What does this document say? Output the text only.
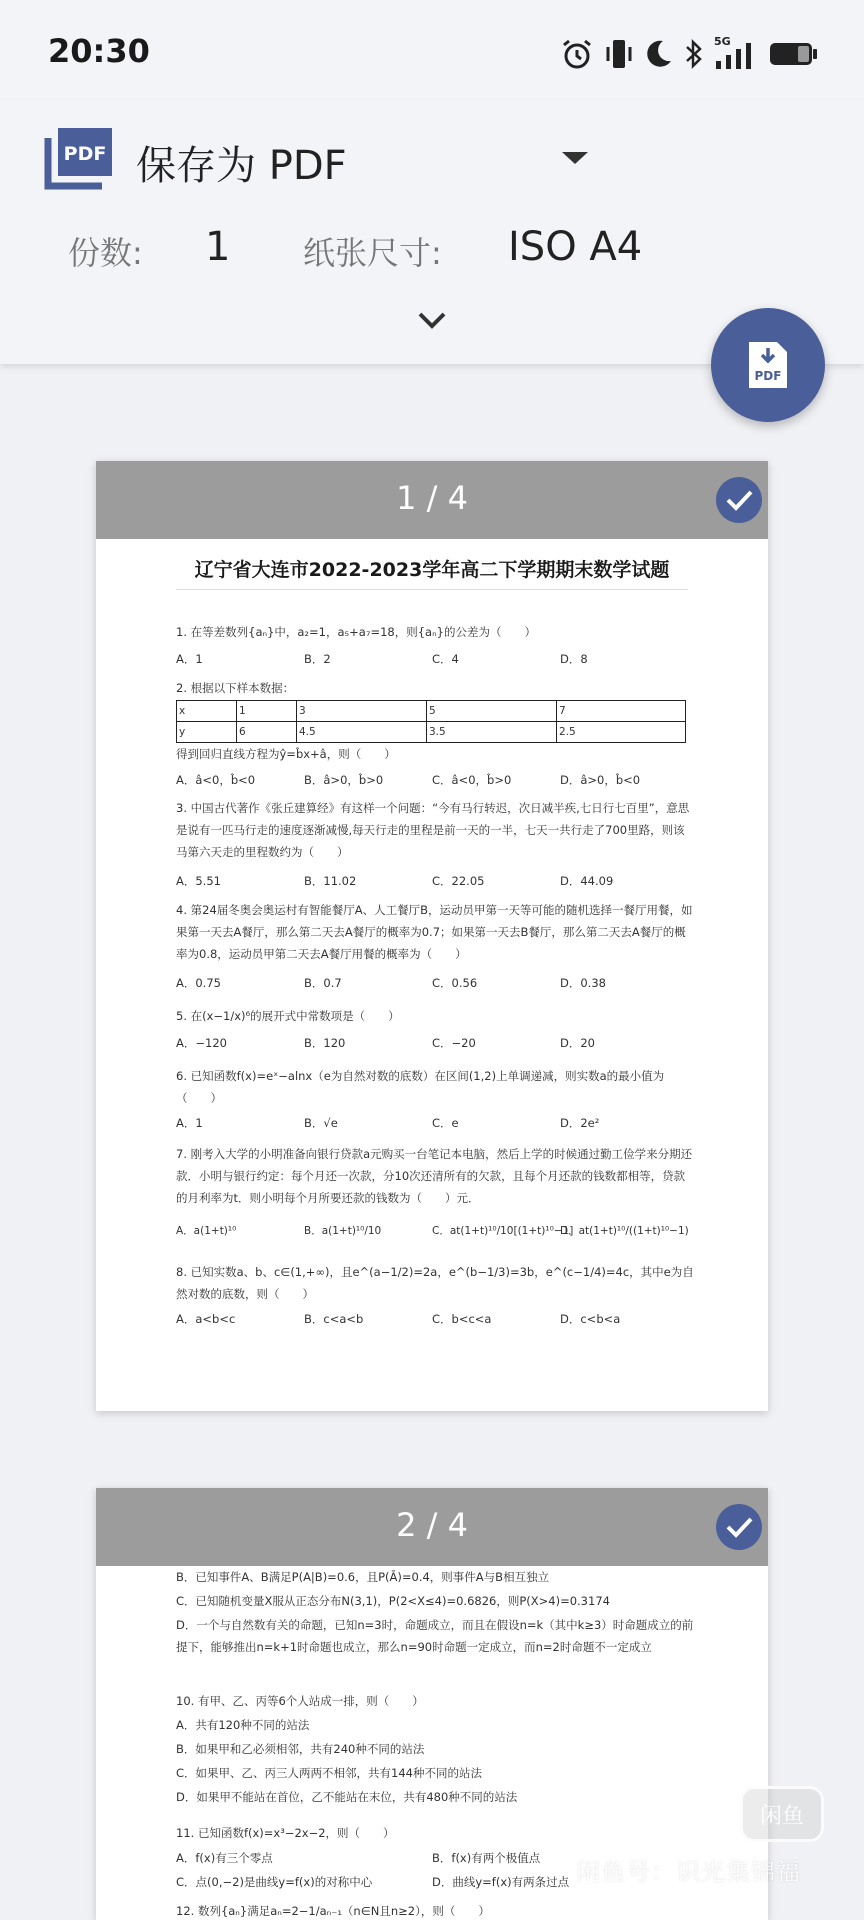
20:30	5G
PDF 保存为 PDF
份数: 1 纸张尺寸: ISO A4
PDF
1 / 4
辽宁省大连市2022-2023学年高二下学期期末数学试题
1. 在等差数列{aₙ}中，a₂=1，a₅+a₇=18，则{aₙ}的公差为（　　）
A．1	B．2	C．4	D．8
2. 根据以下样本数据：
x	1	3	5	7
y	6	4.5	3.5	2.5
得到回归直线方程为ŷ=b̂x+â，则（　　）
A．â<0，b̂<0	B．â>0，b̂>0	C．â<0，b̂>0	D．â>0，b̂<0
3. 中国古代著作《张丘建算经》有这样一个问题：“今有马行转迟，次日减半疾,七日行七百里”，意思是说有一匹马行走的速度逐渐减慢,每天行走的里程是前一天的一半，七天一共行走了700里路，则该马第六天走的里程数约为（　　）
A．5.51	B．11.02	C．22.05	D．44.09
4. 第24届冬奥会奥运村有智能餐厅A、人工餐厅B，运动员甲第一天等可能的随机选择一餐厅用餐，如果第一天去A餐厅，那么第二天去A餐厅的概率为0.7；如果第一天去B餐厅，那么第二天去A餐厅的概率为0.8，运动员甲第二天去A餐厅用餐的概率为（　　）
A．0.75	B．0.7	C．0.56	D．0.38
5. 在(x−1/x)⁶的展开式中常数项是（　　）
A．−120	B．120	C．−20	D．20
6. 已知函数f(x)=eˣ−alnx（e为自然对数的底数）在区间(1,2)上单调递减，则实数a的最小值为（　　）
A．1	B．√e	C．e	D．2e²
7. 刚考入大学的小明准备向银行贷款a元购买一台笔记本电脑，然后上学的时候通过勤工俭学来分期还款．小明与银行约定：每个月还一次款，分10次还清所有的欠款，且每个月还款的钱数都相等，贷款的月利率为t．则小明每个月所要还款的钱数为（　　）元．
A．a(1+t)¹⁰	B．a(1+t)¹⁰/10	C．at(1+t)¹⁰/10[(1+t)¹⁰−1]
D．at(1+t)¹⁰/((1+t)¹⁰−1)
8. 已知实数a、b、c∈(1,+∞)，且e^(a−1/2)=2a，e^(b−1/3)=3b，e^(c−1/4)=4c，其中e为自然对数的底数，则（　　）
A．a<b<c	B．c<a<b	C．b<c<a	D．c<b<a
2 / 4
B．已知事件A、B满足P(A|B)=0.6，且P(Ā)=0.4，则事件A与B相互独立
C．已知随机变量X服从正态分布N(3,1)，P(2<X≤4)=0.6826，则P(X>4)=0.3174
D．一个与自然数有关的命题，已知n=3时，命题成立，而且在假设n=k（其中k≥3）时命题成立的前提下，能够推出n=k+1时命题也成立，那么n=90时命题一定成立，而n=2时命题不一定成立
10. 有甲、乙、丙等6个人站成一排，则（　　）
A．共有120种不同的站法
B．如果甲和乙必须相邻，共有240种不同的站法
C．如果甲、乙、丙三人两两不相邻，共有144种不同的站法
D．如果甲不能站在首位，乙不能站在末位，共有480种不同的站法
11. 已知函数f(x)=x³−2x−2，则（　　）
A．f(x)有三个零点	B．f(x)有两个极值点
C．点(0,−2)是曲线y=f(x)的对称中心	D．曲线y=f(x)有两条过点
12. 数列{aₙ}满足aₙ=2−1/aₙ₋₁（n∈N且n≥2），则（　　）
闲鱼
闲鱼号：识光集锦福
